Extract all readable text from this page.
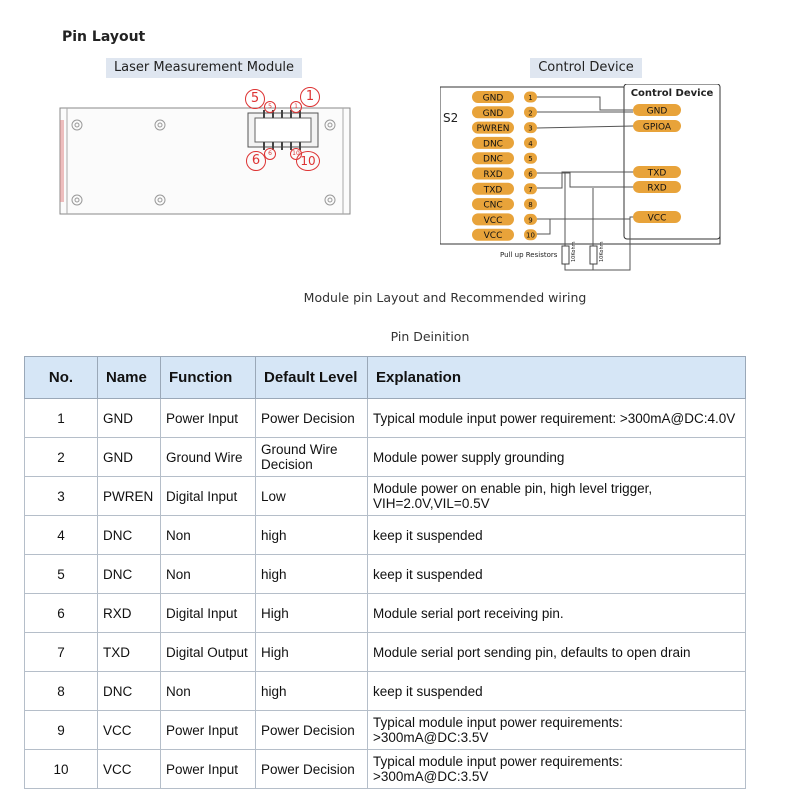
Pin Layout
Laser Measurement Module	Control Device
5	1
6	10
5	1
6	10
S2
Control Device
GND	1
GND	2
PWREN	3
DNC	4
DNC	5
RXD	6
TXD	7
CNC	8
VCC	9
VCC	10
GND
GPIOA
TXD
RXD
VCC
Pull up Resistors	10Kohm	10Kohm
Module pin Layout and Recommended wiring
Pin Deinition
No.	Name	Function	Default Level	Explanation
1	GND	Power Input	Power Decision	Typical module input power requirement: >300mA@DC:4.0V
2	GND	Ground Wire	Ground Wire Decision	Module power supply grounding
3	PWREN	Digital Input	Low	Module power on enable pin, high level trigger, VIH=2.0V,VIL=0.5V
4	DNC	Non	high	keep it suspended
5	DNC	Non	high	keep it suspended
6	RXD	Digital Input	High	Module serial port receiving pin.
7	TXD	Digital Output	High	Module serial port sending pin, defaults to open drain
8	DNC	Non	high	keep it suspended
9	VCC	Power Input	Power Decision	Typical module input power requirements: >300mA@DC:3.5V
10	VCC	Power Input	Power Decision	Typical module input power requirements: >300mA@DC:3.5V
